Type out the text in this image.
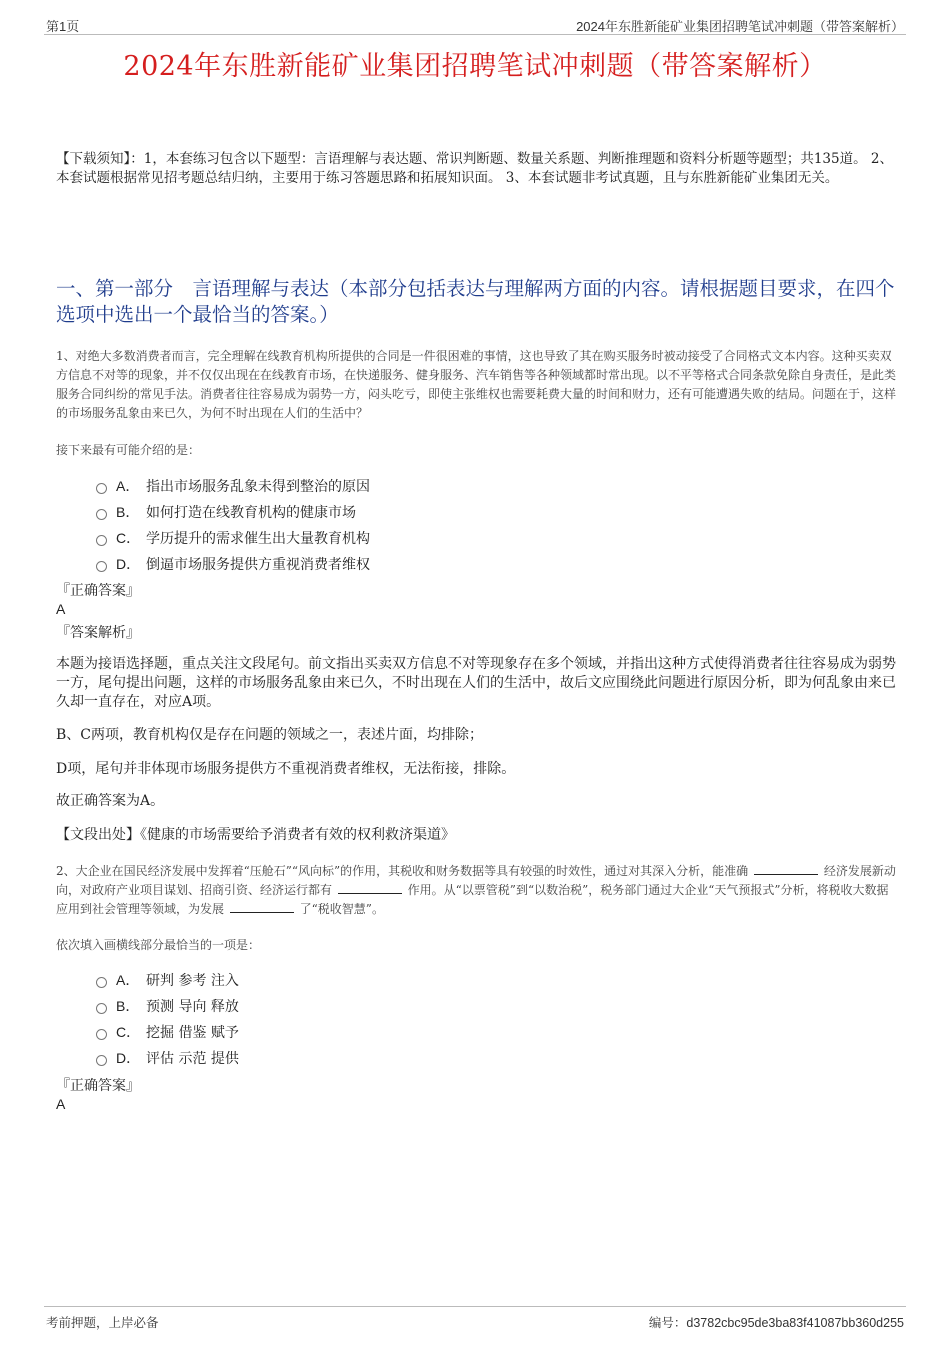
第1页	2024年东胜新能矿业集团招聘笔试冲刺题（带答案解析）
2024年东胜新能矿业集团招聘笔试冲刺题（带答案解析）
【下载须知】：1，本套练习包含以下题型：言语理解与表达题、常识判断题、数量关系题、判断推理题和资料分析题等题型；共135道。 2、本套试题根据常见招考题总结归纳，主要用于练习答题思路和拓展知识面。 3、本套试题非考试真题，且与东胜新能矿业集团无关。
一、第一部分　言语理解与表达（本部分包括表达与理解两方面的内容。请根据题目要求，在四个选项中选出一个最恰当的答案。）
1、对绝大多数消费者而言，完全理解在线教育机构所提供的合同是一件很困难的事情，这也导致了其在购买服务时被动接受了合同格式文本内容。这种买卖双方信息不对等的现象，并不仅仅出现在在线教育市场，在快递服务、健身服务、汽车销售等各种领域都时常出现。以不平等格式合同条款免除自身责任，是此类服务合同纠纷的常见手法。消费者往往容易成为弱势一方，闷头吃亏，即使主张维权也需要耗费大量的时间和财力，还有可能遭遇失败的结局。问题在于，这样的市场服务乱象由来已久，为何不时出现在人们的生活中？
接下来最有可能介绍的是：
A． 指出市场服务乱象未得到整治的原因
B． 如何打造在线教育机构的健康市场
C． 学历提升的需求催生出大量教育机构
D． 倒逼市场服务提供方重视消费者维权
『正确答案』
A
『答案解析』
本题为接语选择题，重点关注文段尾句。前文指出买卖双方信息不对等现象存在多个领域，并指出这种方式使得消费者往往容易成为弱势一方，尾句提出问题，这样的市场服务乱象由来已久，不时出现在人们的生活中，故后文应围绕此问题进行原因分析，即为何乱象由来已久却一直存在，对应A项。
B、C两项，教育机构仅是存在问题的领域之一，表述片面，均排除；
D项，尾句并非体现市场服务提供方不重视消费者维权，无法衔接，排除。
故正确答案为A。
【文段出处】《健康的市场需要给予消费者有效的权利救济渠道》
2、大企业在国民经济发展中发挥着“压舱石”“风向标”的作用，其税收和财务数据等具有较强的时效性，通过对其深入分析，能准确	经济发展新动向，对政府产业项目谋划、招商引资、经济运行都有	作用。从“以票管税”到“以数治税”，税务部门通过大企业“天气预报式”分析，将税收大数据应用到社会管理等领域，为发展	了“税收智慧”。
依次填入画横线部分最恰当的一项是：
A． 研判 参考 注入
B． 预测 导向 释放
C． 挖掘 借鉴 赋予
D． 评估 示范 提供
『正确答案』
A
考前押题，上岸必备	编号：d3782cbc95de3ba83f41087bb360d255
